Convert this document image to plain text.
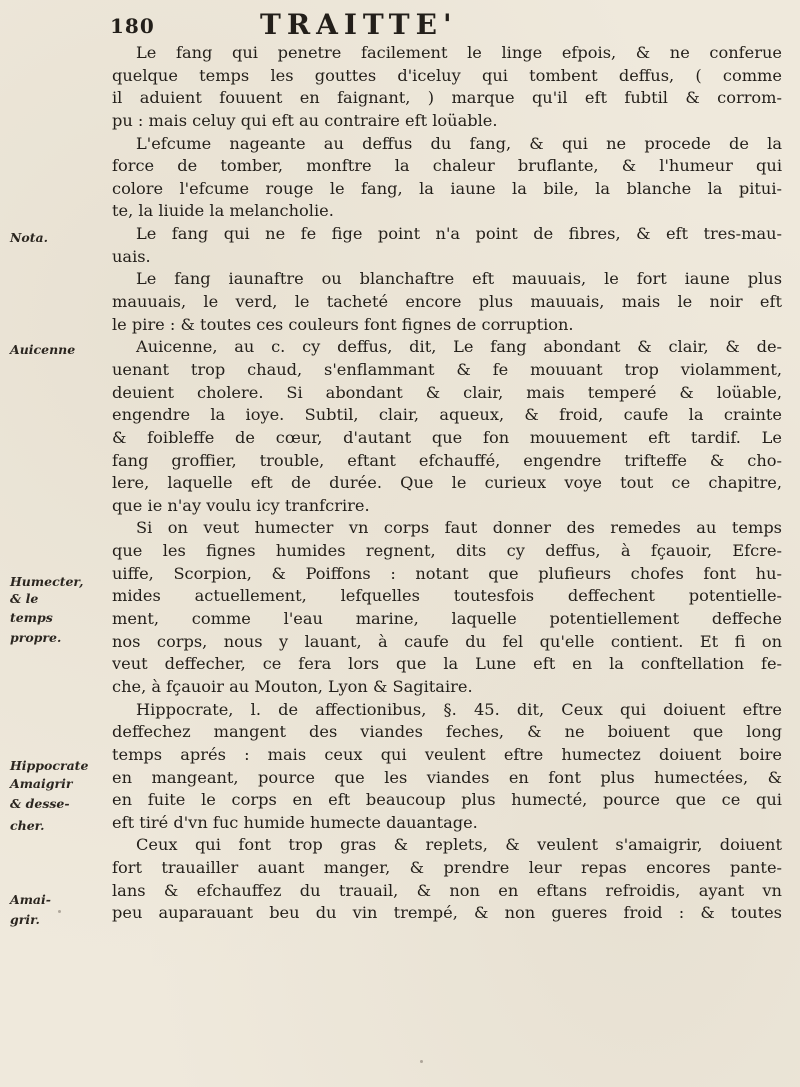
180	TRAITTE'
Nota.
Auicenne
Humecter,
& le
temps
propre.
Hippocrate
Amaigrir
& desse-
cher.
Amai-
grir.
Le fang qui penetre facilement le linge efpois, & ne conferue
quelque temps les gouttes d'iceluy qui tombent deffus, ( comme
il aduient fouuent en faignant, ) marque qu'il eft fubtil & corrom-
pu : mais celuy qui eft au contraire eft loüable.
L'efcume nageante au deffus du fang, & qui ne procede de la
force de tomber, monftre la chaleur bruflante, & l'humeur qui
colore l'efcume rouge le fang, la iaune la bile, la blanche la pitui-
te, la liuide la melancholie.
Le fang qui ne fe fige point n'a point de fibres, & eft tres-mau-
uais.
Le fang iaunaftre ou blanchaftre eft mauuais, le fort iaune plus
mauuais, le verd, le tacheté encore plus mauuais, mais le noir eft
le pire : & toutes ces couleurs font fignes de corruption.
Auicenne, au c. cy deffus, dit, Le fang abondant & clair, & de-
uenant trop chaud, s'enflammant & fe mouuant trop violamment,
deuient cholere. Si abondant & clair, mais temperé & loüable,
engendre la ioye. Subtil, clair, aqueux, & froid, caufe la crainte
& foibleffe de cœur, d'autant que fon mouuement eft tardif. Le
fang groffier, trouble, eftant efchauffé, engendre trifteffe & cho-
lere, laquelle eft de durée. Que le curieux voye tout ce chapitre,
que ie n'ay voulu icy tranfcrire.
Si on veut humecter vn corps faut donner des remedes au temps
que les fignes humides regnent, dits cy deffus, à fçauoir, Efcre-
uiffe, Scorpion, & Poiffons : notant que plufieurs chofes font hu-
mides actuellement, lefquelles toutesfois deffechent potentielle-
ment, comme l'eau marine, laquelle potentiellement deffeche
nos corps, nous y lauant, à caufe du fel qu'elle contient. Et fi on
veut deffecher, ce fera lors que la Lune eft en la conftellation fe-
che, à fçauoir au Mouton, Lyon & Sagitaire.
Hippocrate, l. de affectionibus, §. 45. dit, Ceux qui doiuent eftre
deffechez mangent des viandes feches, & ne boiuent que long
temps aprés : mais ceux qui veulent eftre humectez doiuent boire
en mangeant, pource que les viandes en font plus humectées, &
en fuite le corps en eft beaucoup plus humecté, pource que ce qui
eft tiré d'vn fuc humide humecte dauantage.
Ceux qui font trop gras & replets, & veulent s'amaigrir, doiuent
fort trauailler auant manger, & prendre leur repas encores pante-
lans & efchauffez du trauail, & non en eftans refroidis, ayant vn
peu auparauant beu du vin trempé, & non gueres froid : & toutes
